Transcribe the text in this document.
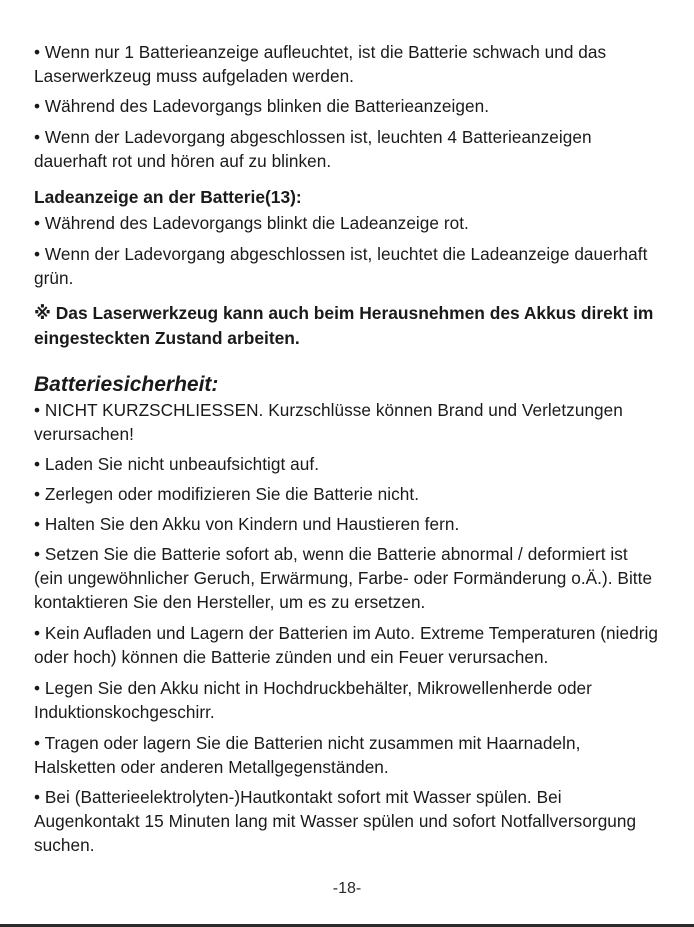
• Wenn nur 1 Batterieanzeige aufleuchtet, ist die Batterie schwach und das Laserwerkzeug muss aufgeladen werden.

• Während des Ladevorgangs blinken die Batterieanzeigen.

• Wenn der Ladevorgang abgeschlossen ist, leuchten 4 Batterieanzeigen dauerhaft rot und hören auf zu blinken.

Ladeanzeige an der Batterie(13):

• Während des Ladevorgangs blinkt die Ladeanzeige rot.

• Wenn der Ladevorgang abgeschlossen ist, leuchtet die Ladeanzeige dauerhaft grün.

※ Das Laserwerkzeug kann auch beim Herausnehmen des Akkus direkt im eingesteckten Zustand arbeiten.

Batteriesicherheit:

• NICHT KURZSCHLIESSEN. Kurzschlüsse können Brand und Verletzungen verursachen!

• Laden Sie nicht unbeaufsichtigt auf.

• Zerlegen oder modifizieren Sie die Batterie nicht.

• Halten Sie den Akku von Kindern und Haustieren fern.

• Setzen Sie die Batterie sofort ab, wenn die Batterie abnormal / deformiert ist (ein ungewöhnlicher Geruch, Erwärmung, Farbe- oder Formänderung o.Ä.). Bitte kontaktieren Sie den Hersteller, um es zu ersetzen.

• Kein Aufladen und Lagern der Batterien im Auto. Extreme Temperaturen (niedrig oder hoch) können die Batterie zünden und ein Feuer verursachen.

• Legen Sie den Akku nicht in Hochdruckbehälter, Mikrowellenherde oder Induktionskochgeschirr.

• Tragen oder lagern Sie die Batterien nicht zusammen mit Haarnadeln, Halsketten oder anderen Metallgegenständen.

• Bei (Batterieelektrolyten-)Hautkontakt sofort mit Wasser spülen. Bei Augenkontakt 15 Minuten lang mit Wasser spülen und sofort Notfallversorgung suchen.

-18-
